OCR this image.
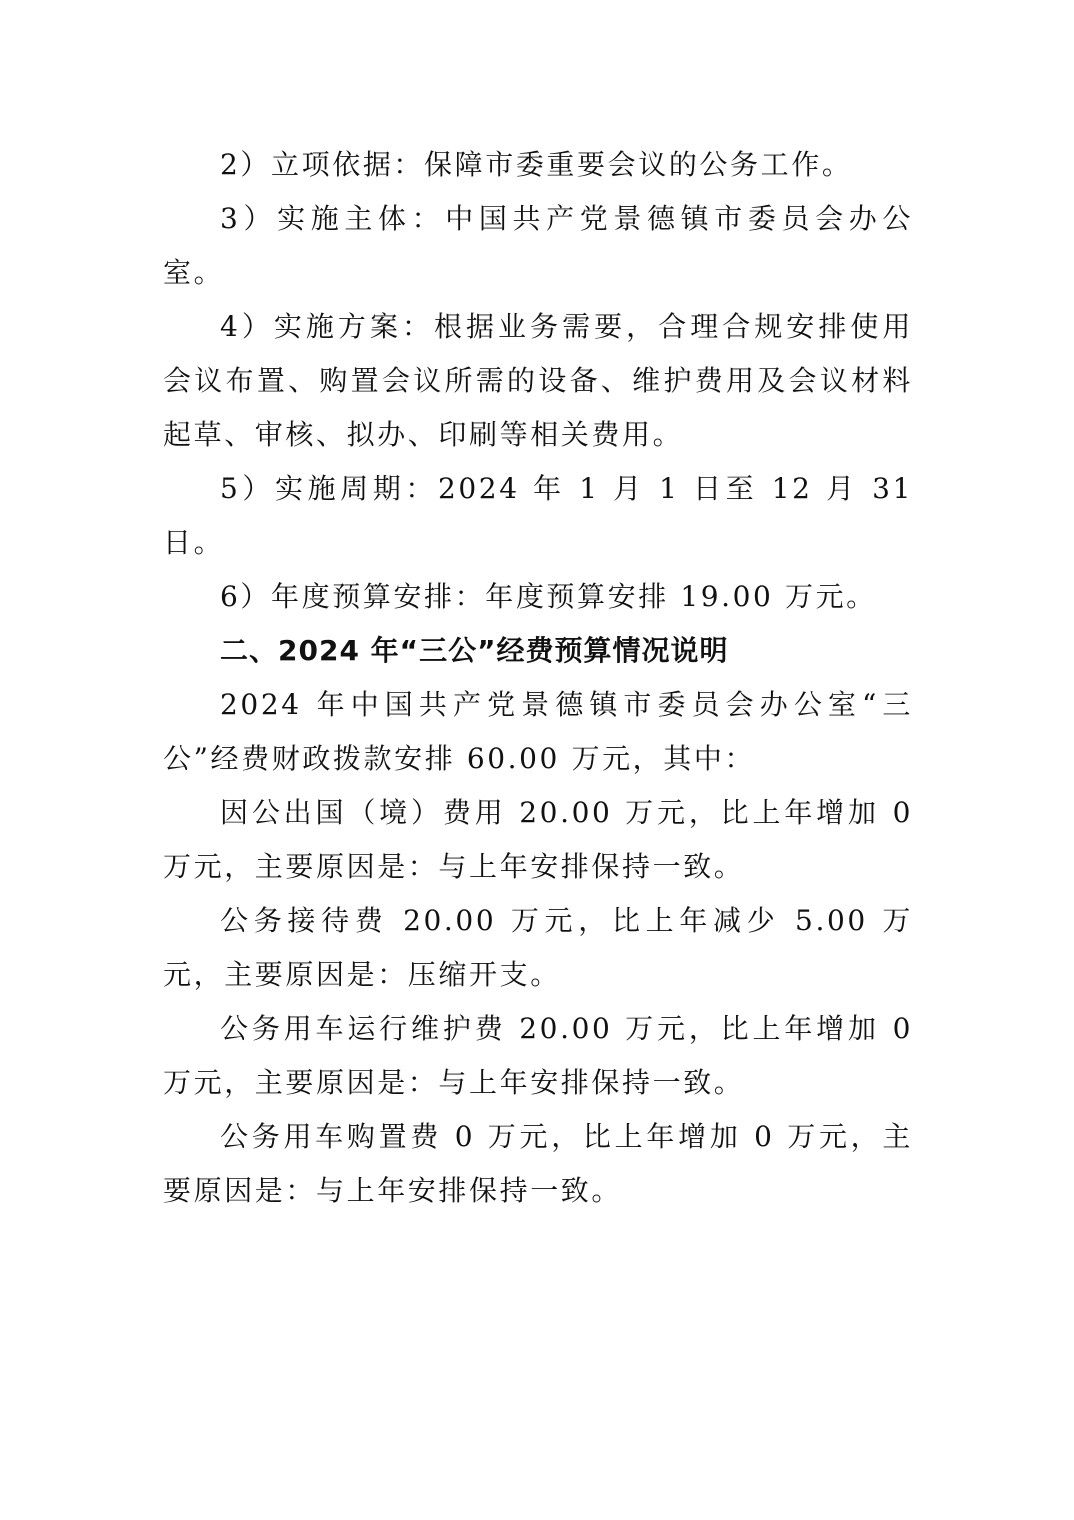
2）立项依据：保障市委重要会议的公务工作。

3）实施主体：中国共产党景德镇市委员会办公室。

4）实施方案：根据业务需要，合理合规安排使用会议布置、购置会议所需的设备、维护费用及会议材料起草、审核、拟办、印刷等相关费用。

5）实施周期：2024 年 1 月 1 日至 12 月 31 日。

6）年度预算安排：年度预算安排 19.00 万元。

二、2024 年“三公”经费预算情况说明

2024 年中国共产党景德镇市委员会办公室“三公”经费财政拨款安排 60.00 万元，其中：

因公出国（境）费用 20.00 万元，比上年增加 0 万元，主要原因是：与上年安排保持一致。

公务接待费 20.00 万元，比上年减少 5.00 万元，主要原因是：压缩开支。

公务用车运行维护费 20.00 万元，比上年增加 0 万元，主要原因是：与上年安排保持一致。

公务用车购置费 0 万元，比上年增加 0 万元，主要原因是：与上年安排保持一致。
